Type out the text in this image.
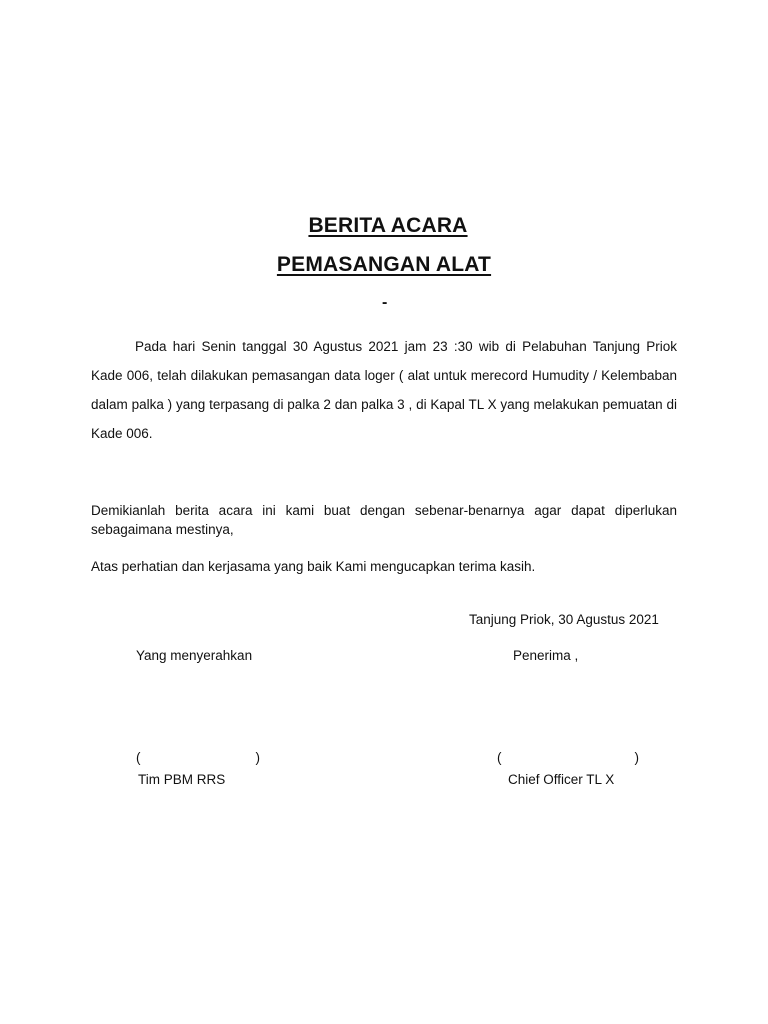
BERITA ACARA
PEMASANGAN ALAT
-

Pada hari Senin tanggal 30 Agustus 2021 jam 23 :30 wib di Pelabuhan Tanjung Priok Kade 006, telah dilakukan pemasangan data loger ( alat untuk merecord Humudity / Kelembaban dalam palka ) yang terpasang di palka 2 dan palka 3 , di Kapal TL X yang melakukan pemuatan di Kade 006.

Demikianlah berita acara ini kami buat dengan sebenar-benarnya agar dapat diperlukan sebagaimana mestinya,

Atas perhatian dan kerjasama yang baik Kami mengucapkan terima kasih.

Tanjung Priok, 30 Agustus 2021
Yang menyerahkan	Penerima ,
(	)	(	)
Tim PBM RRS	Chief Officer TL X
